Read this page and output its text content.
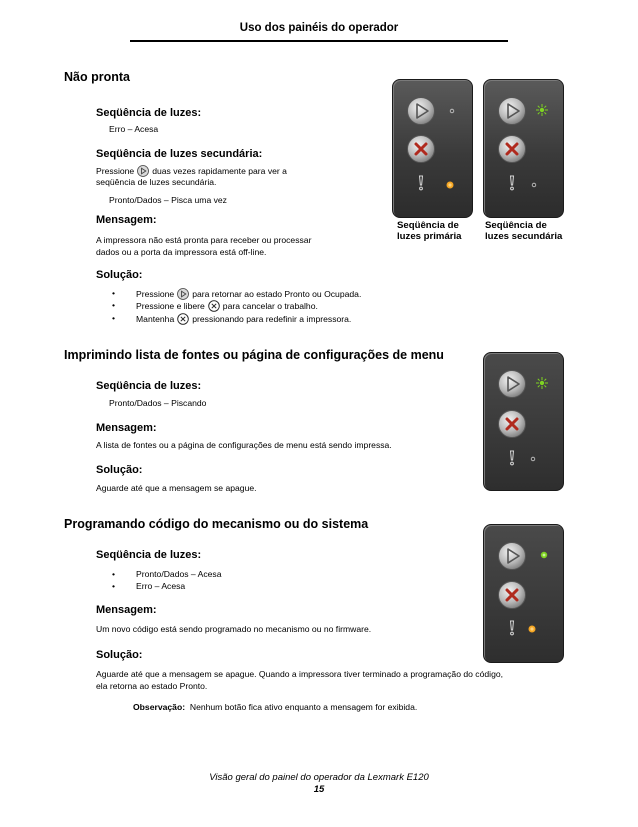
Uso dos painéis do operador
Não pronta
Seqüência de luzes:
Erro – Acesa
Seqüência de luzes secundária:
Pressione duas vezes rapidamente para ver a
seqüência de luzes secundária.
Pronto/Dados – Pisca uma vez
Mensagem:
A impressora não está pronta para receber ou processar
dados ou a porta da impressora está off-line.
Solução:
• Pressione para retornar ao estado Pronto ou Ocupada.
• Pressione e libere para cancelar o trabalho.
• Mantenha pressionando para redefinir a impressora.
Seqüência de
luzes primária
Seqüência de
luzes secundária
Imprimindo lista de fontes ou página de configurações de menu
Seqüência de luzes:
Pronto/Dados – Piscando
Mensagem:
A lista de fontes ou a página de configurações de menu está sendo impressa.
Solução:
Aguarde até que a mensagem se apague.
Programando código do mecanismo ou do sistema
Seqüência de luzes:
• Pronto/Dados – Acesa
• Erro – Acesa
Mensagem:
Um novo código está sendo programado no mecanismo ou no firmware.
Solução:
Aguarde até que a mensagem se apague. Quando a impressora tiver terminado a programação do código,
ela retorna ao estado Pronto.
Observação: Nenhum botão fica ativo enquanto a mensagem for exibida.
Visão geral do painel do operador da Lexmark E120
15
